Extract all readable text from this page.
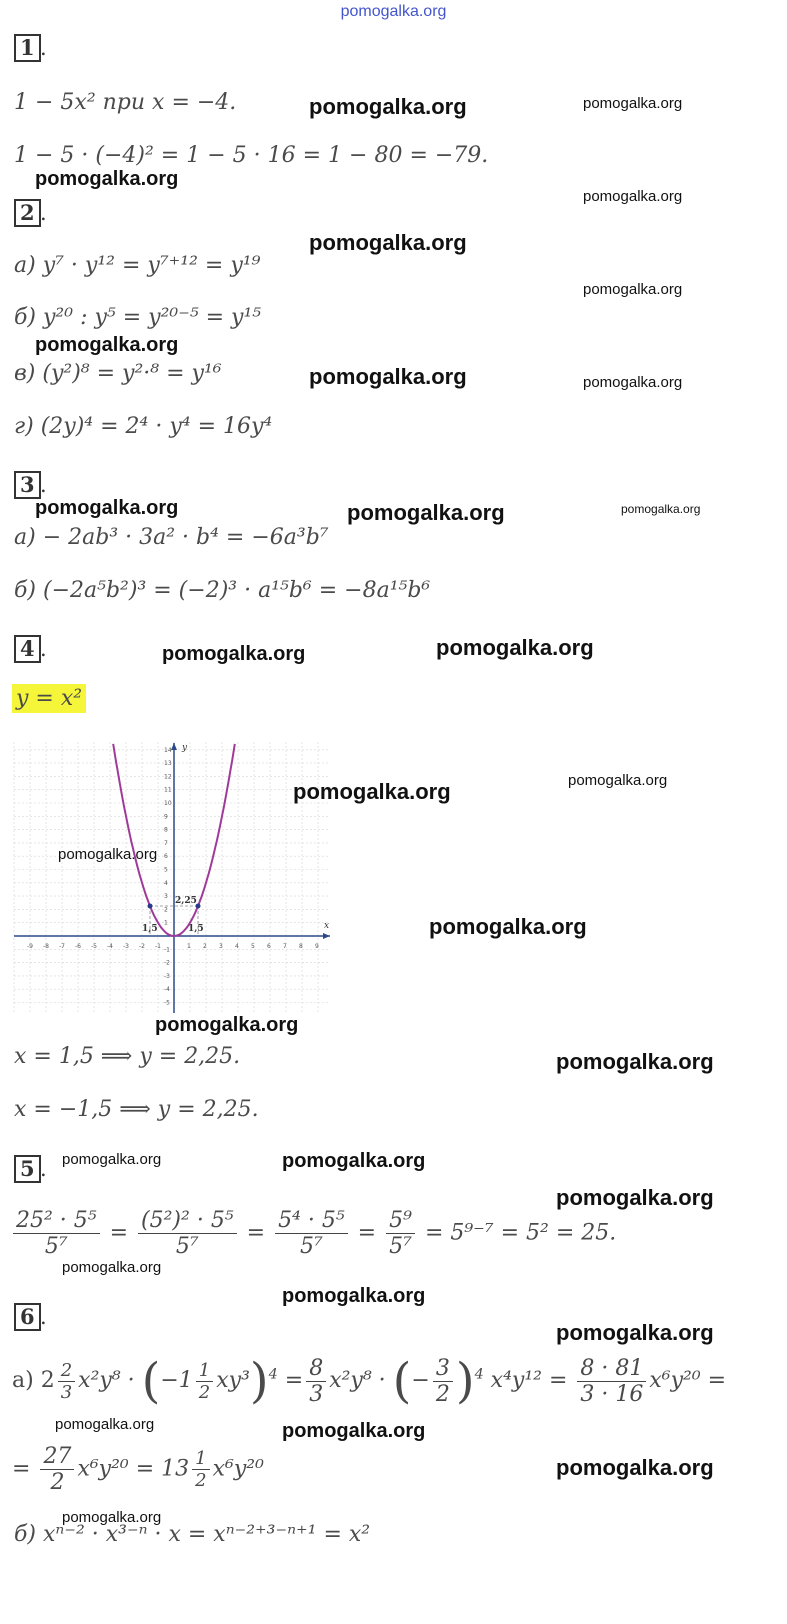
pomogalka.org
1 .
1 − 5x² при x = −4.
1 − 5 · (−4)² = 1 − 5 · 16 = 1 − 80 = −79.
2 .
а) y⁷ · y¹² = y⁷⁺¹² = y¹⁹
б) y²⁰ : y⁵ = y²⁰⁻⁵ = y¹⁵
в) (y²)⁸ = y²·⁸ = y¹⁶
г) (2y)⁴ = 2⁴ · y⁴ = 16y⁴
3 .
а) − 2ab³ · 3a² · b⁴ = −6a³b⁷
б) (−2a⁵b²)³ = (−2)³ · a¹⁵b⁶ = −8a¹⁵b⁶
4 .
y = x²
-9 -8 -7 -6 -5 -4 -3 -2 -1	1 2 3 4 5 6 7 8 9
-5
-4
-3
-2
-1
1
2
3
4
5
6
7
8
9
10
11
12
13
14
x
y
2,25
1,5	1,5
x = 1,5 ⟹ y = 2,25.
x = −1,5 ⟹ y = 2,25.
5 .
$\frac{\text{25² · 5⁵}}{\text{5⁷}} = \frac{\text{(5²)² · 5⁵}}{\text{5⁷}} = \frac{\text{5⁴ · 5⁵}}{\text{5⁷}} = \frac{\text{5⁹}}{\text{5⁷}} = 5^{9-7} = 5^2 = 25$.
6 .
а) $2 \frac{2}{3} x^2y^8 \cdot (-1 \frac{1}{2} xy^3)^4 = \frac{8}{3} x^2y^8$ · (− $\frac{3}{2} )^4$ $x^4y^{12} = \frac{8 \cdot 81}{3 \cdot 16} x^6y^{20}$ =
= $\frac{27}{2} x^6y^{20} = 13 \frac{1}{2} x^6y^{20}$
б) xⁿ⁻² · x³⁻ⁿ · x = xⁿ⁻²⁺³⁻ⁿ⁺¹ = x²
pomogalka.org	pomogalka.org
pomogalka.org
pomogalka.org
pomogalka.org
pomogalka.org
pomogalka.org
pomogalka.org	pomogalka.org
pomogalka.org	pomogalka.org	pomogalka.org
pomogalka.org	pomogalka.org
pomogalka.org
pomogalka.org
pomogalka.org
pomogalka.org
pomogalka.org
pomogalka.org
pomogalka.org	pomogalka.org
pomogalka.org
pomogalka.org
pomogalka.org
pomogalka.org
pomogalka.org	pomogalka.org
pomogalka.org
pomogalka.org
